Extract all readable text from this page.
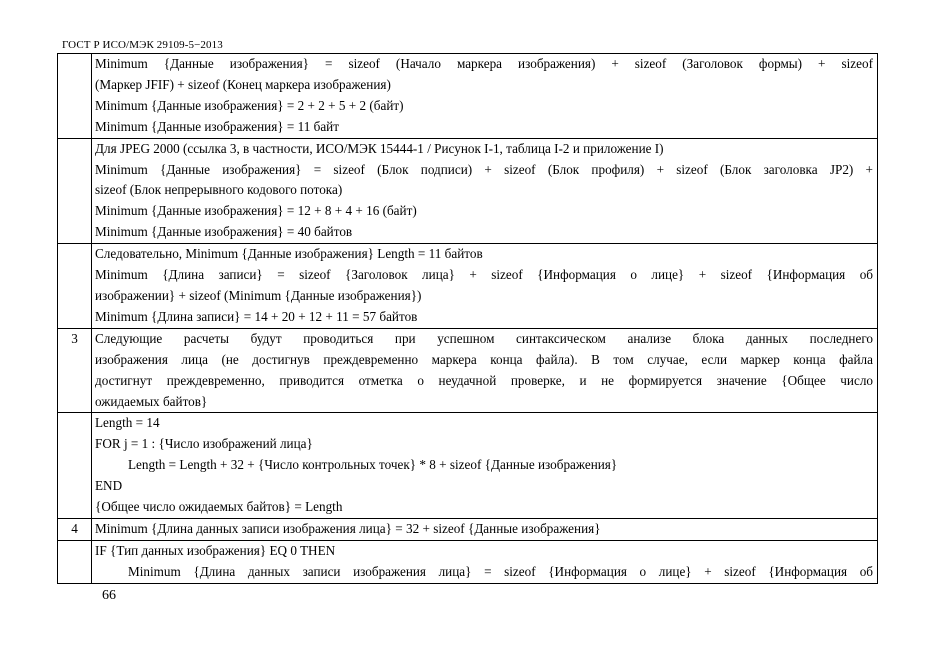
ГОСТ Р ИСО/МЭК 29109-5−2013

	Minimum {Данные изображения} = sizeof (Начало маркера изображения) + sizeof (Заголовок формы) + sizeof
(Маркер JFIF) + sizeof (Конец маркера изображения)
Minimum {Данные изображения} = 2 + 2 + 5 + 2 (байт)
Minimum {Данные изображения} = 11 байт

	Для JPEG 2000 (ссылка 3, в частности, ИСО/МЭК 15444-1 / Рисунок I-1, таблица I-2 и приложение I)
Minimum {Данные изображения} = sizeof (Блок подписи) + sizeof (Блок профиля) + sizeof (Блок заголовка JP2) +
sizeof (Блок непрерывного кодового потока)
Minimum {Данные изображения} = 12 + 8 + 4 + 16 (байт)
Minimum {Данные изображения} = 40 байтов

	Следовательно, Minimum {Данные изображения} Length = 11 байтов
Minimum {Длина записи} = sizeof {Заголовок лица} + sizeof {Информация о лице} + sizeof {Информация об
изображении} + sizeof (Minimum {Данные изображения})
Minimum {Длина записи} = 14 + 20 + 12 + 11 = 57 байтов

3	Следующие расчеты будут проводиться при успешном синтаксическом анализе блока данных последнего
изображения лица (не достигнув преждевременно маркера конца файла). В том случае, если маркер конца файла
достигнут преждевременно, приводится отметка о неудачной проверке, и не формируется значение {Общее число
ожидаемых байтов}

	Length = 14
FOR j = 1 : {Число изображений лица}
Length = Length + 32 + {Число контрольных точек} * 8 + sizeof {Данные изображения}
END
{Общее число ожидаемых байтов} = Length

4	Minimum {Длина данных записи изображения лица} = 32 + sizeof {Данные изображения}

	IF {Тип данных изображения} EQ 0 THEN
Minimum {Длина данных записи изображения лица} = sizeof {Информация о лице} + sizeof {Информация об
66
